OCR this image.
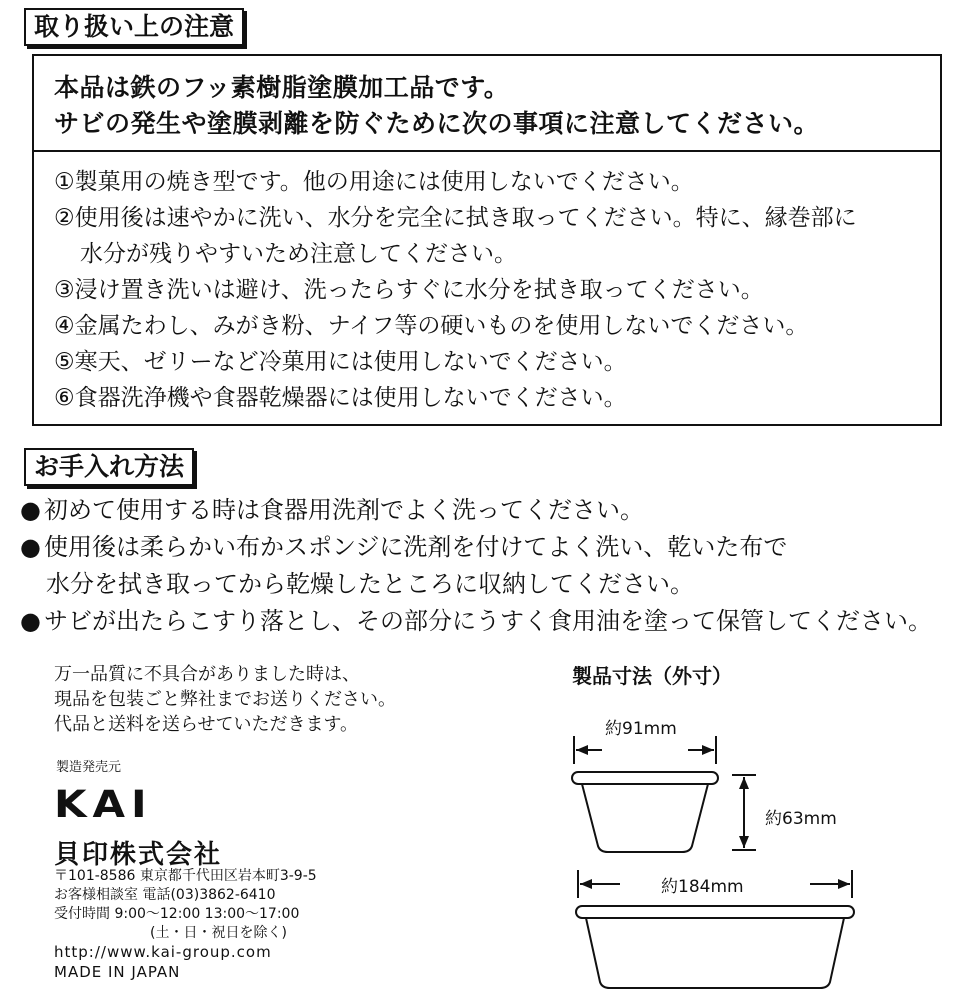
取り扱い上の注意
本品は鉄のフッ素樹脂塗膜加工品です。
サビの発生や塗膜剥離を防ぐために次の事項に注意してください。
①製菓用の焼き型です。他の用途には使用しないでください。
②使用後は速やかに洗い、水分を完全に拭き取ってください。特に、縁巻部に
水分が残りやすいため注意してください。
③浸け置き洗いは避け、洗ったらすぐに水分を拭き取ってください。
④金属たわし、みがき粉、ナイフ等の硬いものを使用しないでください。
⑤寒天、ゼリーなど冷菓用には使用しないでください。
⑥食器洗浄機や食器乾燥器には使用しないでください。
お手入れ方法
● 初めて使用する時は食器用洗剤でよく洗ってください。
● 使用後は柔らかい布かスポンジに洗剤を付けてよく洗い、乾いた布で
水分を拭き取ってから乾燥したところに収納してください。
● サビが出たらこすり落とし、その部分にうすく食用油を塗って保管してください。
万一品質に不具合がありました時は、
現品を包装ごと弊社までお送りください。
代品と送料を送らせていただきます。
製造発売元
KAI
貝印株式会社
〒101-8586 東京都千代田区岩本町3-9-5
お客様相談室 電話(03)3862-6410
受付時間 9:00～12:00 13:00～17:00
(土・日・祝日を除く)
http://www.kai-group.com
MADE IN JAPAN
製品寸法（外寸）
約91mm
約63mm
約184mm
